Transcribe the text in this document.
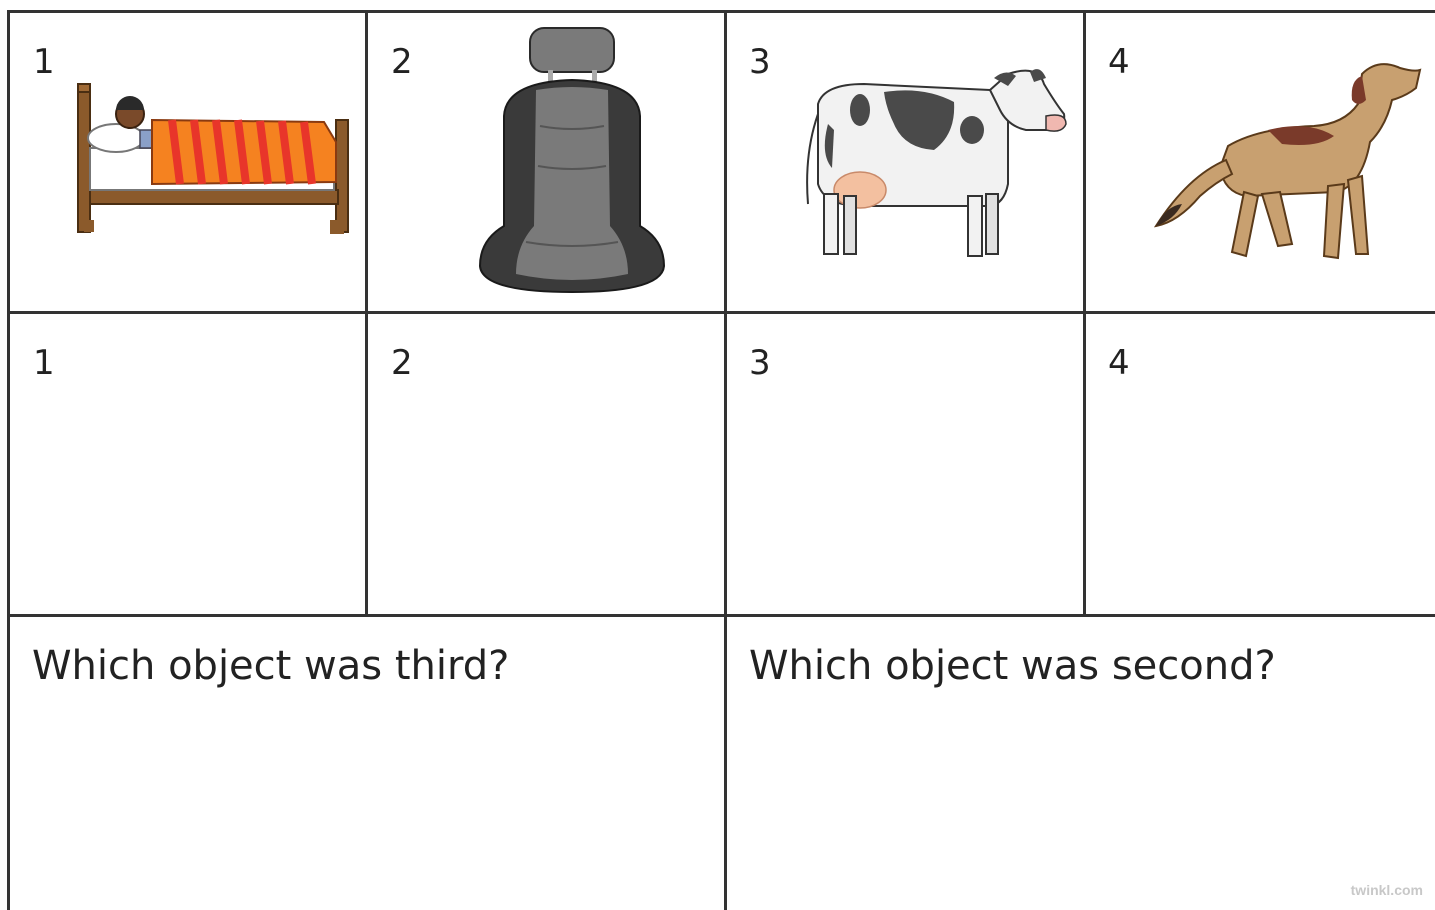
1	2	3	4
1	2	3	4
Which object was third?	Which object was second?
twinkl.com
